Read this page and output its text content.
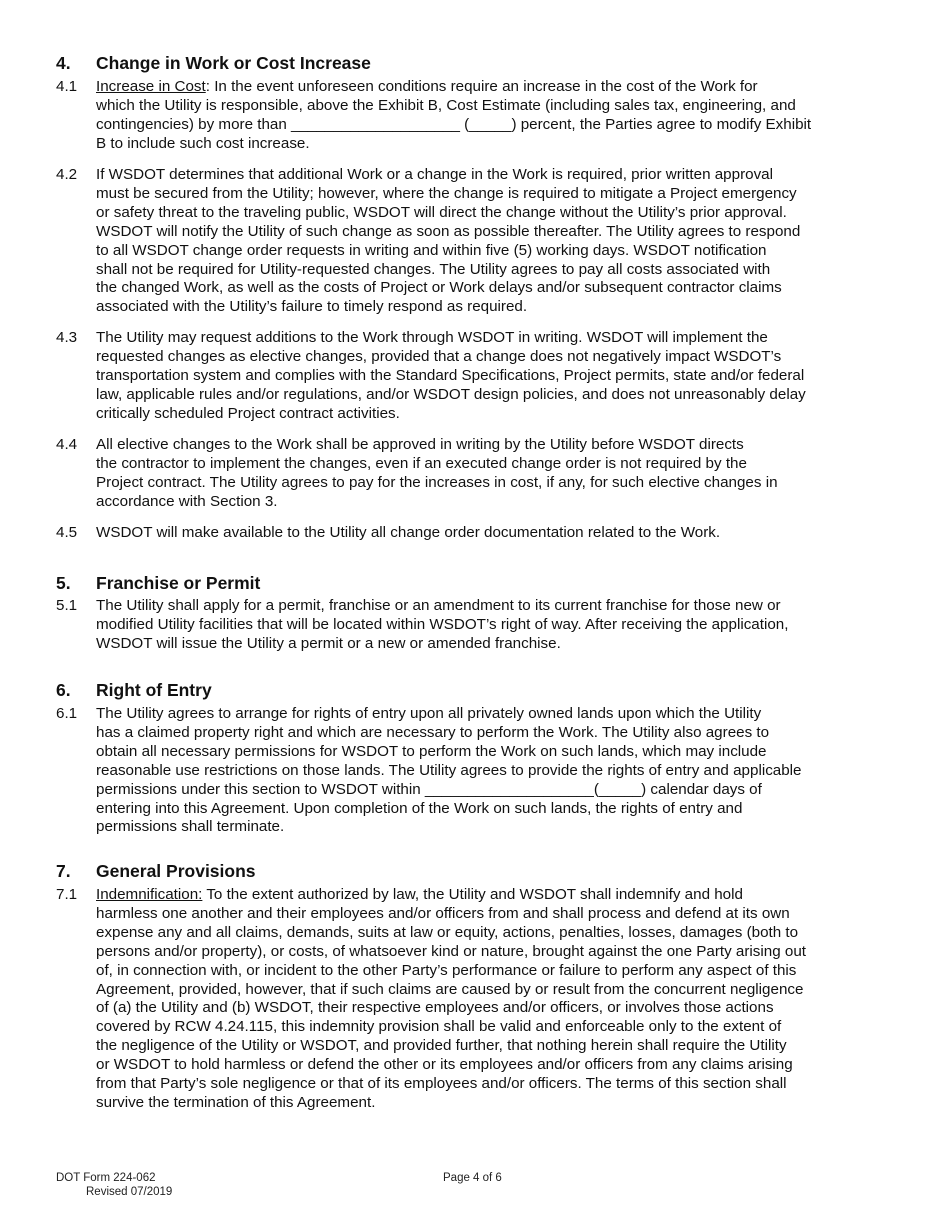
4. Change in Work or Cost Increase
4.1 Increase in Cost: In the event unforeseen conditions require an increase in the cost of the Work for
which the Utility is responsible, above the Exhibit B, Cost Estimate (including sales tax, engineering, and
contingencies) by more than ____________________ (_____) percent, the Parties agree to modify Exhibit
B to include such cost increase.
4.2 If WSDOT determines that additional Work or a change in the Work is required, prior written approval
must be secured from the Utility; however, where the change is required to mitigate a Project emergency
or safety threat to the traveling public, WSDOT will direct the change without the Utility’s prior approval.
WSDOT will notify the Utility of such change as soon as possible thereafter. The Utility agrees to respond
to all WSDOT change order requests in writing and within five (5) working days. WSDOT notification
shall not be required for Utility-requested changes. The Utility agrees to pay all costs associated with
the changed Work, as well as the costs of Project or Work delays and/or subsequent contractor claims
associated with the Utility’s failure to timely respond as required.
4.3 The Utility may request additions to the Work through WSDOT in writing. WSDOT will implement the
requested changes as elective changes, provided that a change does not negatively impact WSDOT’s
transportation system and complies with the Standard Specifications, Project permits, state and/or federal
law, applicable rules and/or regulations, and/or WSDOT design policies, and does not unreasonably delay
critically scheduled Project contract activities.
4.4 All elective changes to the Work shall be approved in writing by the Utility before WSDOT directs
the contractor to implement the changes, even if an executed change order is not required by the
Project contract. The Utility agrees to pay for the increases in cost, if any, for such elective changes in
accordance with Section 3.
4.5 WSDOT will make available to the Utility all change order documentation related to the Work.
5. Franchise or Permit
5.1 The Utility shall apply for a permit, franchise or an amendment to its current franchise for those new or
modified Utility facilities that will be located within WSDOT’s right of way. After receiving the application,
WSDOT will issue the Utility a permit or a new or amended franchise.
6. Right of Entry
6.1 The Utility agrees to arrange for rights of entry upon all privately owned lands upon which the Utility
has a claimed property right and which are necessary to perform the Work. The Utility also agrees to
obtain all necessary permissions for WSDOT to perform the Work on such lands, which may include
reasonable use restrictions on those lands. The Utility agrees to provide the rights of entry and applicable
permissions under this section to WSDOT within ____________________(_____) calendar days of
entering into this Agreement. Upon completion of the Work on such lands, the rights of entry and
permissions shall terminate.
7. General Provisions
7.1 Indemnification: To the extent authorized by law, the Utility and WSDOT shall indemnify and hold
harmless one another and their employees and/or officers from and shall process and defend at its own
expense any and all claims, demands, suits at law or equity, actions, penalties, losses, damages (both to
persons and/or property), or costs, of whatsoever kind or nature, brought against the one Party arising out
of, in connection with, or incident to the other Party’s performance or failure to perform any aspect of this
Agreement, provided, however, that if such claims are caused by or result from the concurrent negligence
of (a) the Utility and (b) WSDOT, their respective employees and/or officers, or involves those actions
covered by RCW 4.24.115, this indemnity provision shall be valid and enforceable only to the extent of
the negligence of the Utility or WSDOT, and provided further, that nothing herein shall require the Utility
or WSDOT to hold harmless or defend the other or its employees and/or officers from any claims arising
from that Party’s sole negligence or that of its employees and/or officers. The terms of this section shall
survive the termination of this Agreement.
DOT Form 224-062
Revised 07/2019
Page 4 of 6
